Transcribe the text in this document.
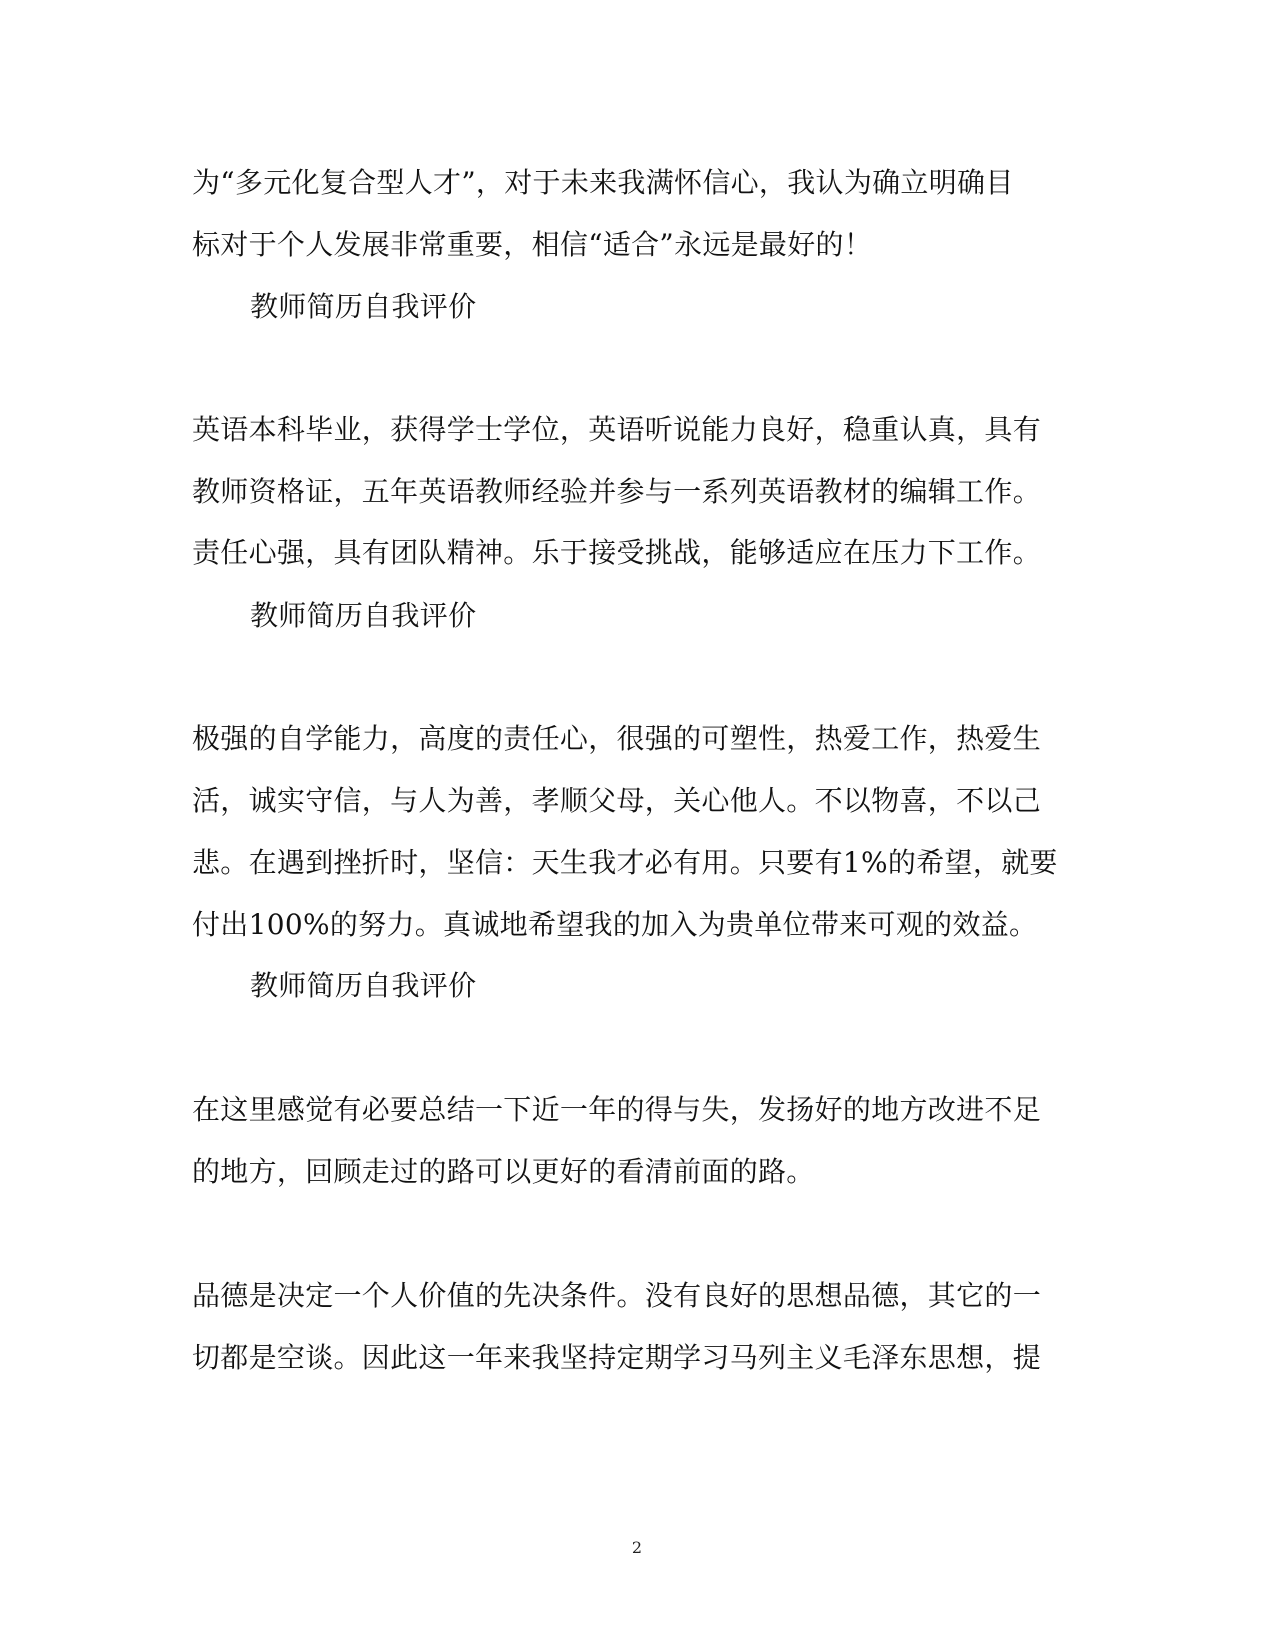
为“多元化复合型人才”，对于未来我满怀信心，我认为确立明确目
标对于个人发展非常重要，相信“适合”永远是最好的！
教师简历自我评价
英语本科毕业，获得学士学位，英语听说能力良好，稳重认真，具有
教师资格证，五年英语教师经验并参与一系列英语教材的编辑工作。
责任心强，具有团队精神。乐于接受挑战，能够适应在压力下工作。
教师简历自我评价
极强的自学能力，高度的责任心，很强的可塑性，热爱工作，热爱生
活，诚实守信，与人为善，孝顺父母，关心他人。不以物喜，不以己
悲。在遇到挫折时，坚信：天生我才必有用。只要有1%的希望，就要
付出100%的努力。真诚地希望我的加入为贵单位带来可观的效益。
教师简历自我评价
在这里感觉有必要总结一下近一年的得与失，发扬好的地方改进不足
的地方，回顾走过的路可以更好的看清前面的路。
品德是决定一个人价值的先决条件。没有良好的思想品德，其它的一
切都是空谈。因此这一年来我坚持定期学习马列主义毛泽东思想，提
2
